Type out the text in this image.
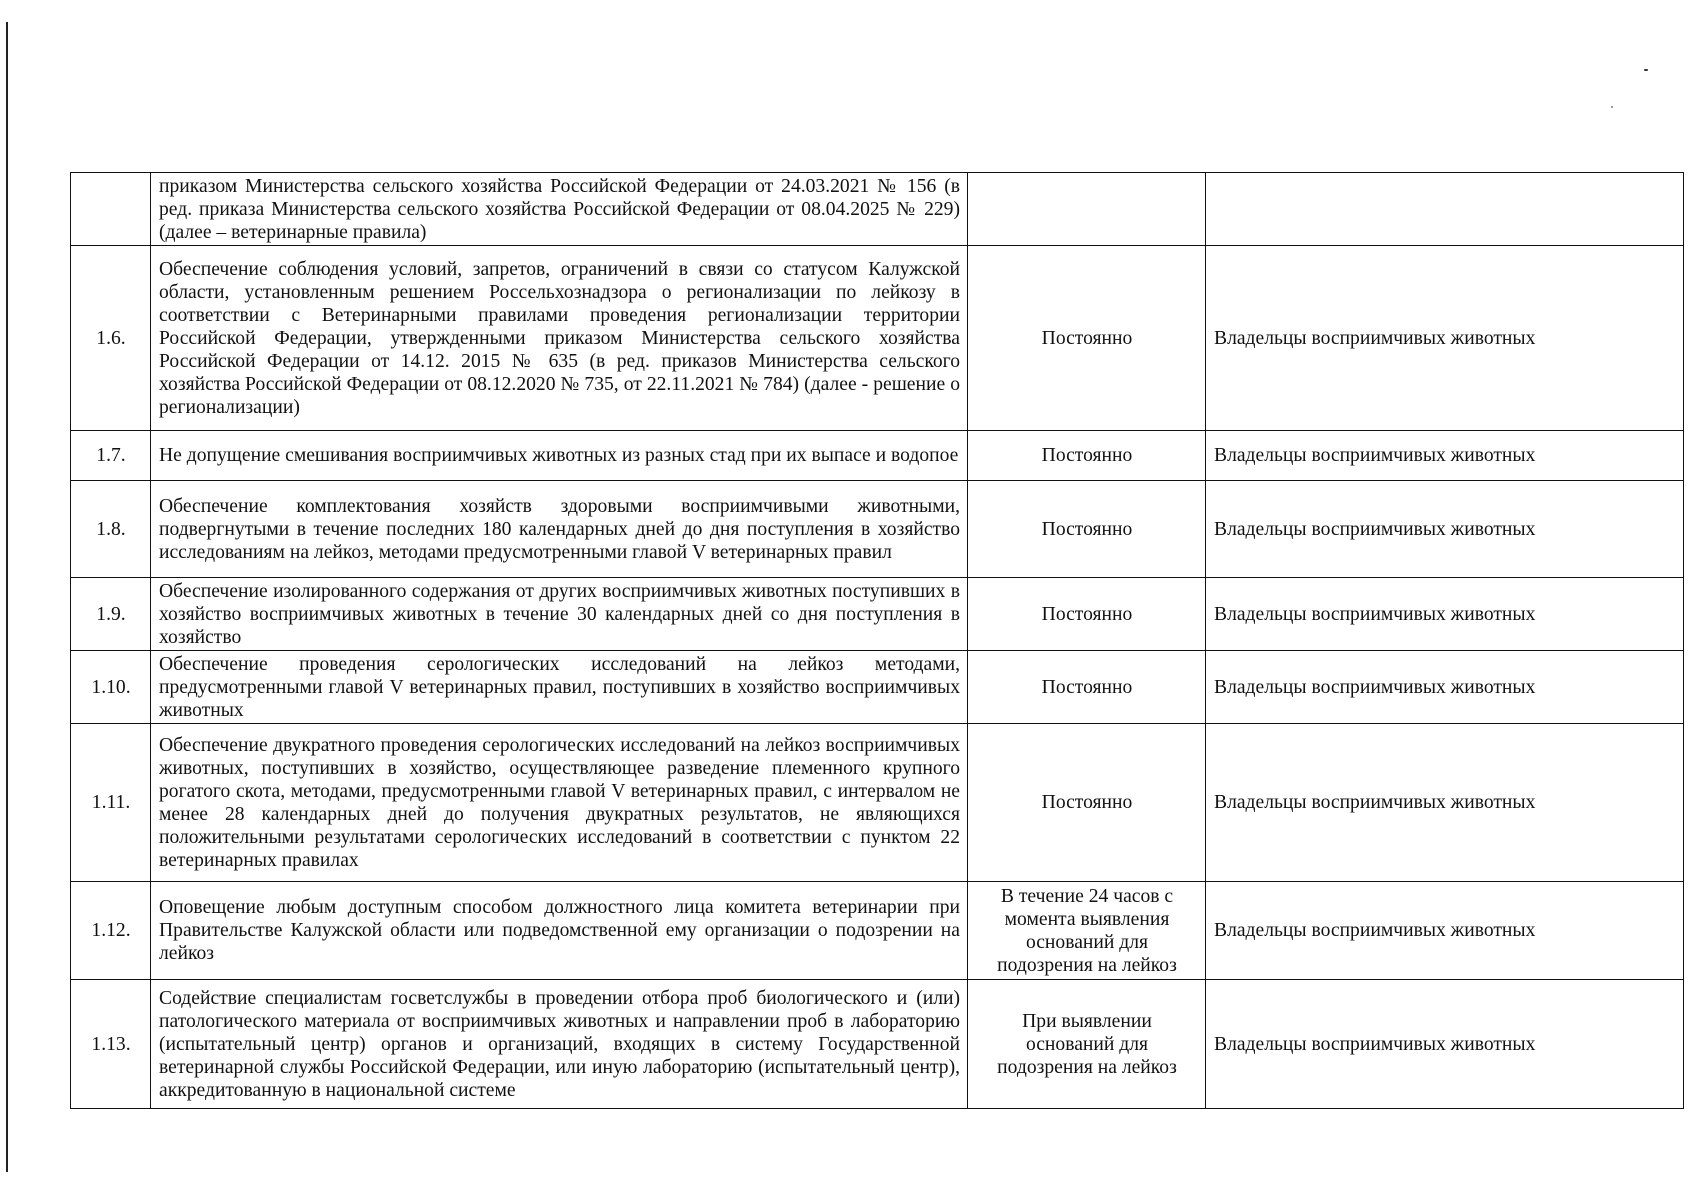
	приказом Министерства сельского хозяйства Российской Федерации от 24.03.2021 № 156 (в ред. приказа Министерства сельского хозяйства Российской Федерации от 08.04.2025 № 229) (далее – ветеринарные правила)		
1.6.	Обеспечение соблюдения условий, запретов, ограничений в связи со статусом Калужской области, установленным решением Россельхознадзора о регионализации по лейкозу в соответствии с Ветеринарными правилами проведения регионализации территории Российской Федерации, утвержденными приказом Министерства сельского хозяйства Российской Федерации от 14.12. 2015 № 635 (в ред. приказов Министерства сельского хозяйства Российской Федерации от 08.12.2020 № 735, от 22.11.2021 № 784) (далее - решение о регионализации)	Постоянно	Владельцы восприимчивых животных
1.7.	Не допущение смешивания восприимчивых животных из разных стад при их выпасе и водопое	Постоянно	Владельцы восприимчивых животных
1.8.	Обеспечение комплектования хозяйств здоровыми восприимчивыми животными, подвергнутыми в течение последних 180 календарных дней до дня поступления в хозяйство исследованиям на лейкоз, методами предусмотренными главой V ветеринарных правил	Постоянно	Владельцы восприимчивых животных
1.9.	Обеспечение изолированного содержания от других восприимчивых животных поступивших в хозяйство восприимчивых животных в течение 30 календарных дней со дня поступления в хозяйство	Постоянно	Владельцы восприимчивых животных
1.10.	Обеспечение проведения серологических исследований на лейкоз методами, предусмотренными главой V ветеринарных правил, поступивших в хозяйство восприимчивых животных	Постоянно	Владельцы восприимчивых животных
1.11.	Обеспечение двукратного проведения серологических исследований на лейкоз восприимчивых животных, поступивших в хозяйство, осуществляющее разведение племенного крупного рогатого скота, методами, предусмотренными главой V ветеринарных правил, с интервалом не менее 28 календарных дней до получения двукратных результатов, не являющихся положительными результатами серологических исследований в соответствии с пунктом 22 ветеринарных правилах	Постоянно	Владельцы восприимчивых животных
1.12.	Оповещение любым доступным способом должностного лица комитета ветеринарии при Правительстве Калужской области или подведомственной ему организации о подозрении на лейкоз	В течение 24 часов с момента выявления оснований для подозрения на лейкоз	Владельцы восприимчивых животных
1.13.	Содействие специалистам госветслужбы в проведении отбора проб биологического и (или) патологического материала от восприимчивых животных и направлении проб в лабораторию (испытательный центр) органов и организаций, входящих в систему Государственной ветеринарной службы Российской Федерации, или иную лабораторию (испытательный центр), аккредитованную в национальной системе	При выявлении оснований для подозрения на лейкоз	Владельцы восприимчивых животных
